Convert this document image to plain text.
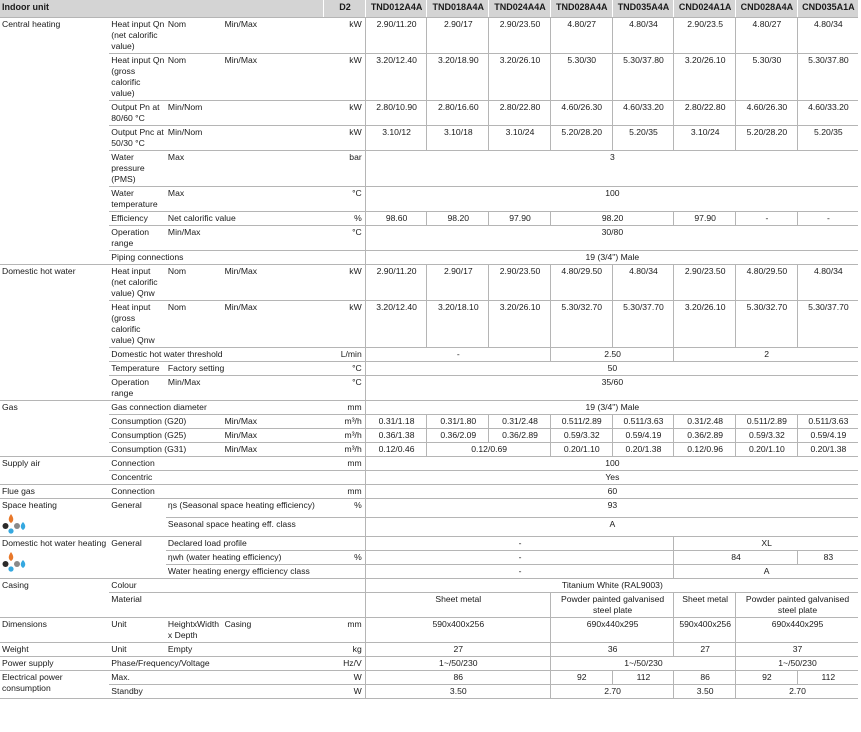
Indoor unit				D2	TND012A4A	TND018A4A	TND024A4A	TND028A4A	TND035A4A	CND024A1A	CND028A4A	CND035A1A
Central heating	Heat input Qn (net calorific value)	Nom	Min/Max	kW	2.90/11.20	2.90/17	2.90/23.50	4.80/27	4.80/34	2.90/23.5	4.80/27	4.80/34
	Heat input Qn (gross calorific value)	Nom	Min/Max	kW	3.20/12.40	3.20/18.90	3.20/26.10	5.30/30	5.30/37.80	3.20/26.10	5.30/30	5.30/37.80
	Output Pn at 80/60 °C	Min/Nom		kW	2.80/10.90	2.80/16.60	2.80/22.80	4.60/26.30	4.60/33.20	2.80/22.80	4.60/26.30	4.60/33.20
	Output Pnc at 50/30 °C	Min/Nom		kW	3.10/12	3.10/18	3.10/24	5.20/28.20	5.20/35	3.10/24	5.20/28.20	5.20/35
	Water pressure (PMS)	Max		bar	3							
	Water temperature	Max		°C	100							
	Efficiency	Net calorific value		%	98.60	98.20	97.90	98.20		97.90	-	-
	Operation range	Min/Max		°C	30/80							
	Piping connections				19 (3/4") Male							
Domestic hot water	Heat input (net calorific value) Qnw	Nom	Min/Max	kW	2.90/11.20	2.90/17	2.90/23.50	4.80/29.50	4.80/34	2.90/23.50	4.80/29.50	4.80/34
	Heat input (gross calorific value) Qnw	Nom	Min/Max	kW	3.20/12.40	3.20/18.10	3.20/26.10	5.30/32.70	5.30/37.70	3.20/26.10	5.30/32.70	5.30/37.70
	Domestic hot water threshold			L/min	-			2.50		2		
	Temperature	Factory setting		°C	50							
	Operation range	Min/Max		°C	35/60							
Gas	Gas connection diameter			mm	19 (3/4") Male							
	Consumption (G20)		Min/Max	m³/h	0.31/1.18	0.31/1.80	0.31/2.48	0.511/2.89	0.511/3.63	0.31/2.48	0.511/2.89	0.511/3.63
	Consumption (G25)		Min/Max	m³/h	0.36/1.38	0.36/2.09	0.36/2.89	0.59/3.32	0.59/4.19	0.36/2.89	0.59/3.32	0.59/4.19
	Consumption (G31)		Min/Max	m³/h	0.12/0.46	0.12/0.69		0.20/1.10	0.20/1.38	0.12/0.96	0.20/1.10	0.20/1.38
Supply air	Connection			mm	100							
	Concentric				Yes							
Flue gas	Connection			mm	60							
Space heating	General	ηs (Seasonal space heating efficiency)		%	93							
		Seasonal space heating eff. class			A							
Domestic hot water heating	General	Declared load profile			-					XL		
		ηwh (water heating efficiency)		%	-					84		83
		Water heating energy efficiency class			-					A		
Casing	Colour				Titanium White (RAL9003)							
	Material				Sheet metal			Powder painted galvanised steel plate		Sheet metal	Powder painted galvanised steel plate	
Dimensions	Unit	HeightxWidth x Depth	Casing	mm	590x400x256			690x440x295		590x400x256	690x440x295	
Weight	Unit	Empty		kg	27			36		27	37	
Power supply	Phase/Frequency/Voltage			Hz/V	1~/50/230			1~/50/230			1~/50/230	
Electrical power consumption	Max.			W	86			92	112	86	92	112
	Standby			W	3.50			2.70		3.50	2.70	
